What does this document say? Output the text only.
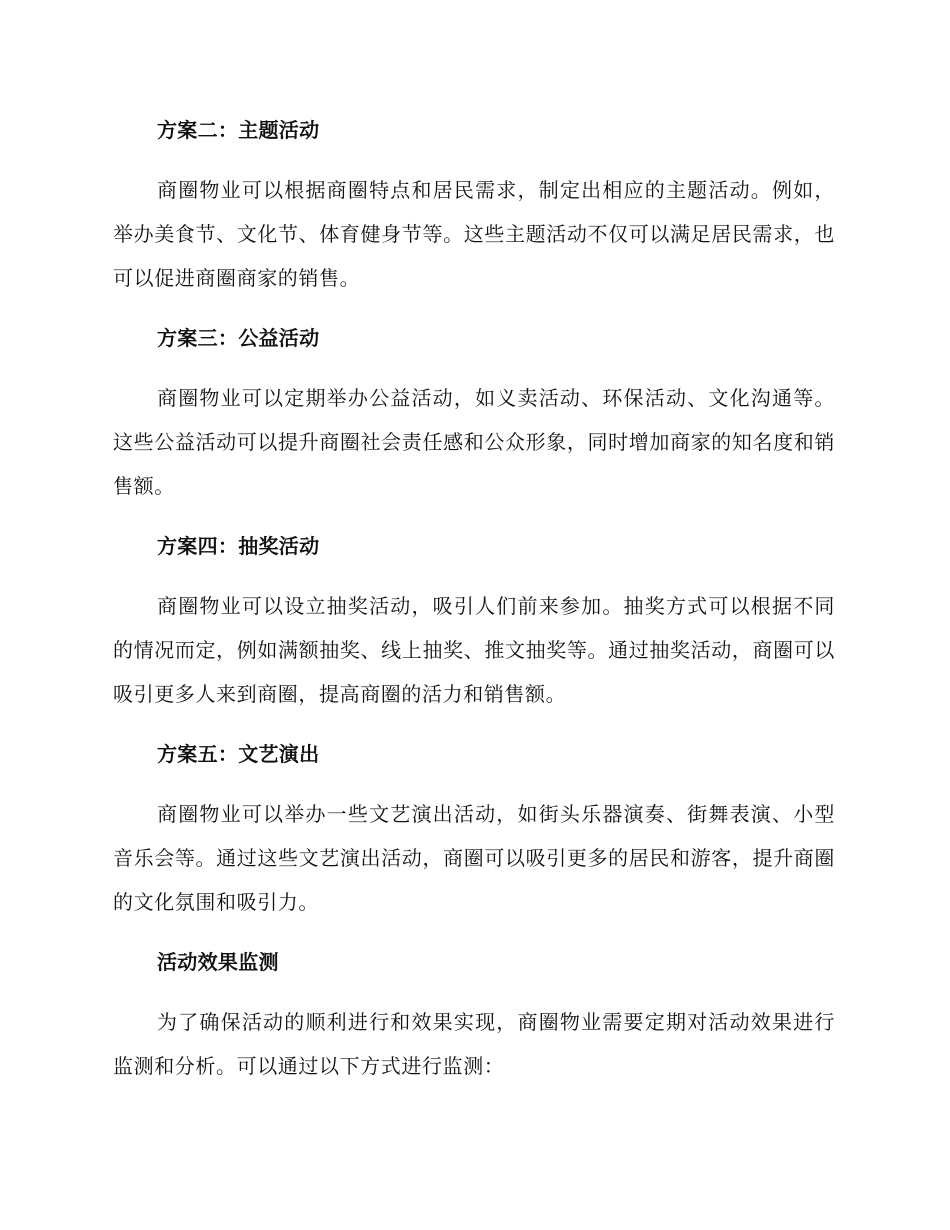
方案二：主题活动

商圈物业可以根据商圈特点和居民需求，制定出相应的主题活动。例如，举办美食节、文化节、体育健身节等。这些主题活动不仅可以满足居民需求，也可以促进商圈商家的销售。

方案三：公益活动

商圈物业可以定期举办公益活动，如义卖活动、环保活动、文化沟通等。这些公益活动可以提升商圈社会责任感和公众形象，同时增加商家的知名度和销售额。

方案四：抽奖活动

商圈物业可以设立抽奖活动，吸引人们前来参加。抽奖方式可以根据不同的情况而定，例如满额抽奖、线上抽奖、推文抽奖等。通过抽奖活动，商圈可以吸引更多人来到商圈，提高商圈的活力和销售额。

方案五：文艺演出

商圈物业可以举办一些文艺演出活动，如街头乐器演奏、街舞表演、小型音乐会等。通过这些文艺演出活动，商圈可以吸引更多的居民和游客，提升商圈的文化氛围和吸引力。

活动效果监测

为了确保活动的顺利进行和效果实现，商圈物业需要定期对活动效果进行监测和分析。可以通过以下方式进行监测：
